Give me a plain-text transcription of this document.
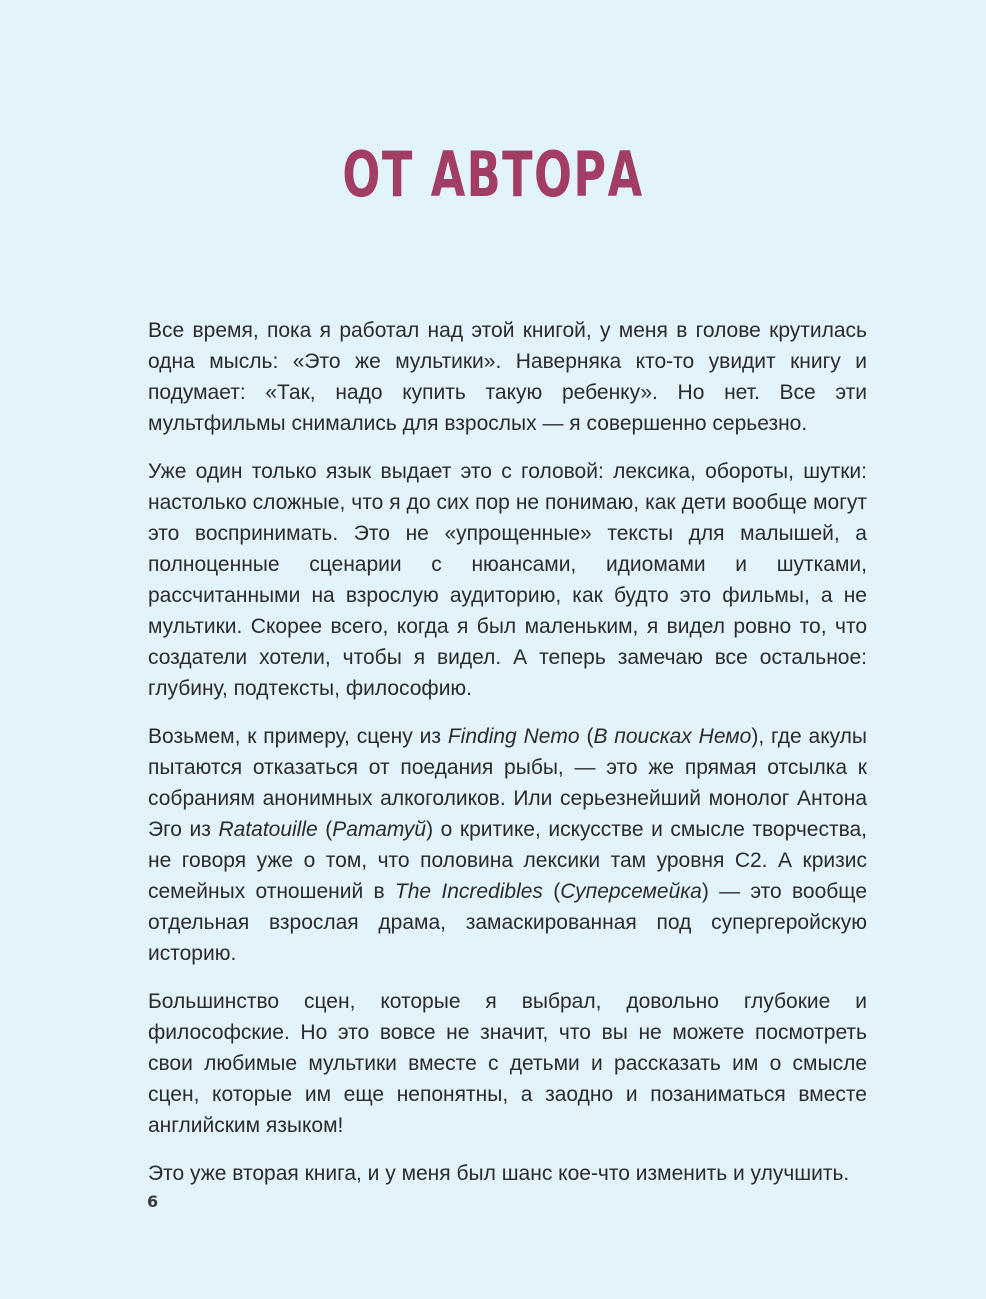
ОТ АВТОРА

Все время, пока я работал над этой книгой, у меня в голове крутилась одна мысль: «Это же мультики». Наверняка кто-то увидит книгу и подумает: «Так, надо купить такую ребенку». Но нет. Все эти мультфильмы снимались для взрослых — я совершенно серьезно.

Уже один только язык выдает это с головой: лексика, обороты, шутки: настолько сложные, что я до сих пор не понимаю, как дети вообще могут это воспринимать. Это не «упрощенные» тексты для малышей, а полноценные сценарии с нюансами, идиомами и шутками, рассчитанными на взрослую аудиторию, как будто это фильмы, а не мультики. Скорее всего, когда я был маленьким, я видел ровно то, что создатели хотели, чтобы я видел. А теперь замечаю все остальное: глубину, подтексты, философию.

Возьмем, к примеру, сцену из Finding Nemo (В поисках Немо), где акулы пытаются отказаться от поедания рыбы, — это же прямая отсылка к собраниям анонимных алкоголиков. Или серьезнейший монолог Антона Эго из Ratatouille (Рататуй) о критике, искусстве и смысле творчества, не говоря уже о том, что половина лексики там уровня C2. А кризис семейных отношений в The Incredibles (Суперсемейка) — это вообще отдельная взрослая драма, замаскированная под супергеройскую историю.

Большинство сцен, которые я выбрал, довольно глубокие и философские. Но это вовсе не значит, что вы не можете посмотреть свои любимые мультики вместе с детьми и рассказать им о смысле сцен, которые им еще непонятны, а заодно и позаниматься вместе английским языком!

Это уже вторая книга, и у меня был шанс кое-что изменить и улучшить.

6
